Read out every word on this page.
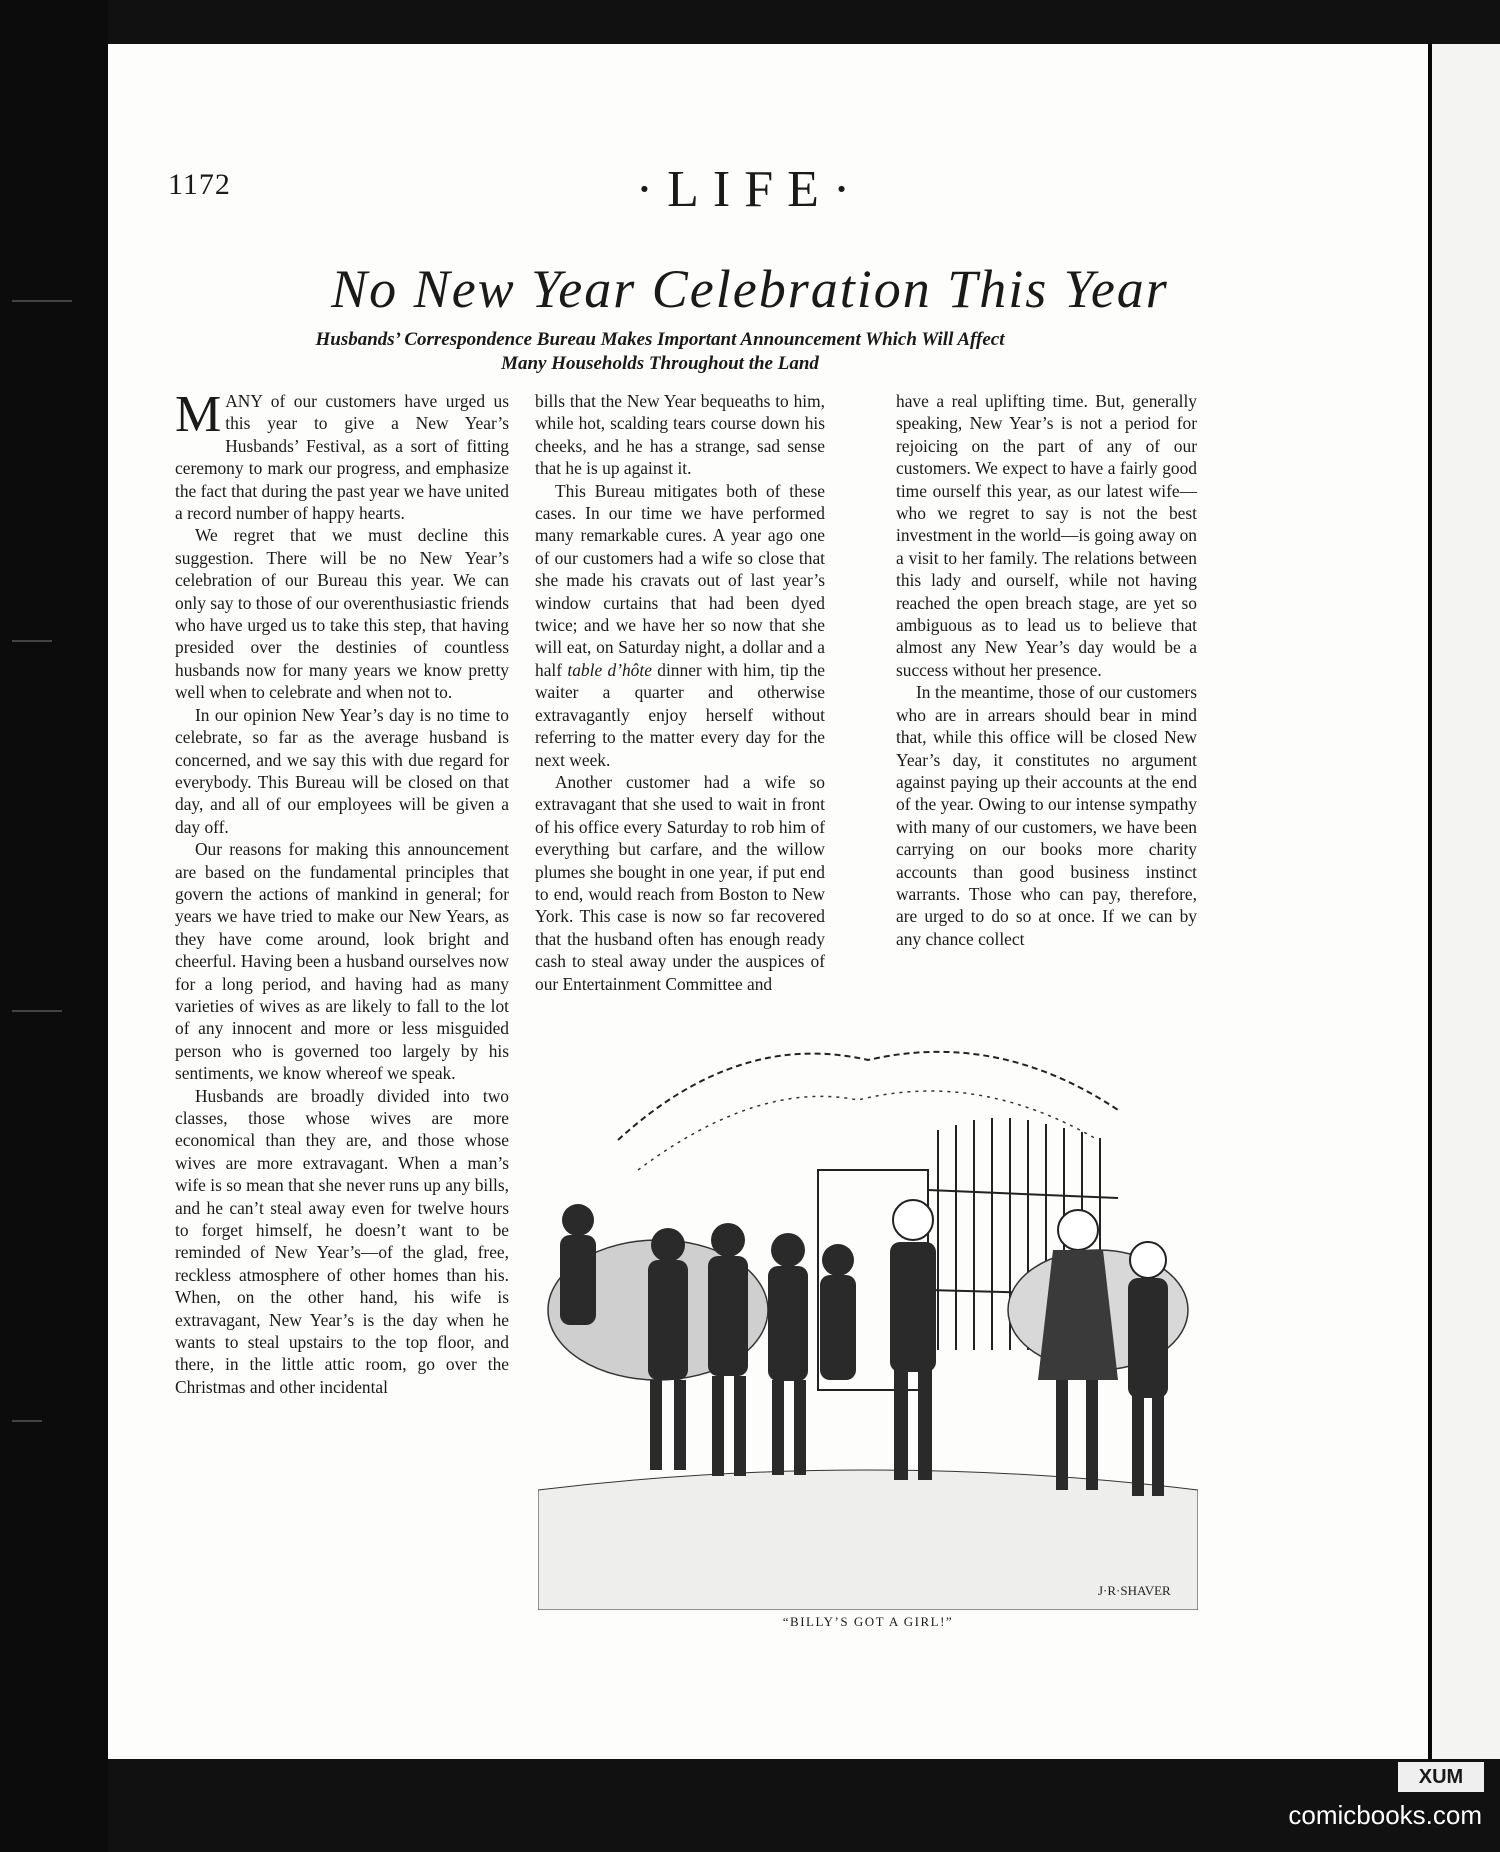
1172	·LIFE·
No New Year Celebration This Year
Husbands’ Correspondence Bureau Makes Important Announcement Which Will Affect
Many Households Throughout the Land

MANY of our customers have urged us this year to give a New Year’s Husbands’ Festival, as a sort of fitting ceremony to mark our progress, and emphasize the fact that during the past year we have united a record number of happy hearts.

We regret that we must decline this suggestion. There will be no New Year’s celebration of our Bureau this year. We can only say to those of our overenthusiastic friends who have urged us to take this step, that having presided over the destinies of countless husbands now for many years we know pretty well when to celebrate and when not to.

In our opinion New Year’s day is no time to celebrate, so far as the average husband is concerned, and we say this with due regard for everybody. This Bureau will be closed on that day, and all of our employees will be given a day off.

Our reasons for making this announcement are based on the fundamental principles that govern the actions of mankind in general; for years we have tried to make our New Years, as they have come around, look bright and cheerful. Having been a husband ourselves now for a long period, and having had as many varieties of wives as are likely to fall to the lot of any innocent and more or less misguided person who is governed too largely by his sentiments, we know whereof we speak.

Husbands are broadly divided into two classes, those whose wives are more economical than they are, and those whose wives are more extravagant. When a man’s wife is so mean that she never runs up any bills, and he can’t steal away even for twelve hours to forget himself, he doesn’t want to be reminded of New Year’s—of the glad, free, reckless atmosphere of other homes than his. When, on the other hand, his wife is extravagant, New Year’s is the day when he wants to steal upstairs to the top floor, and there, in the little attic room, go over the Christmas and other incidental

bills that the New Year bequeaths to him, while hot, scalding tears course down his cheeks, and he has a strange, sad sense that he is up against it.

This Bureau mitigates both of these cases. In our time we have performed many remarkable cures. A year ago one of our customers had a wife so close that she made his cravats out of last year’s window curtains that had been dyed twice; and we have her so now that she will eat, on Saturday night, a dollar and a half table d’hôte dinner with him, tip the waiter a quarter and otherwise extravagantly enjoy herself without referring to the matter every day for the next week.

Another customer had a wife so extravagant that she used to wait in front of his office every Saturday to rob him of everything but carfare, and the willow plumes she bought in one year, if put end to end, would reach from Boston to New York. This case is now so far recovered that the husband often has enough ready cash to steal away under the auspices of our Entertainment Committee and

have a real uplifting time. But, generally speaking, New Year’s is not a period for rejoicing on the part of any of our customers. We expect to have a fairly good time ourself this year, as our latest wife—who we regret to say is not the best investment in the world—is going away on a visit to her family. The relations between this lady and ourself, while not having reached the open breach stage, are yet so ambiguous as to lead us to believe that almost any New Year’s day would be a success without her presence.

In the meantime, those of our customers who are in arrears should bear in mind that, while this office will be closed New Year’s day, it constitutes no argument against paying up their accounts at the end of the year. Owing to our intense sympathy with many of our customers, we have been carrying on our books more charity accounts than good business instinct warrants. Those who can pay, therefore, are urged to do so at once. If we can by any chance collect

J·R·SHAVER
“BILLY’S GOT A GIRL!”
XUM
comicbooks.com
